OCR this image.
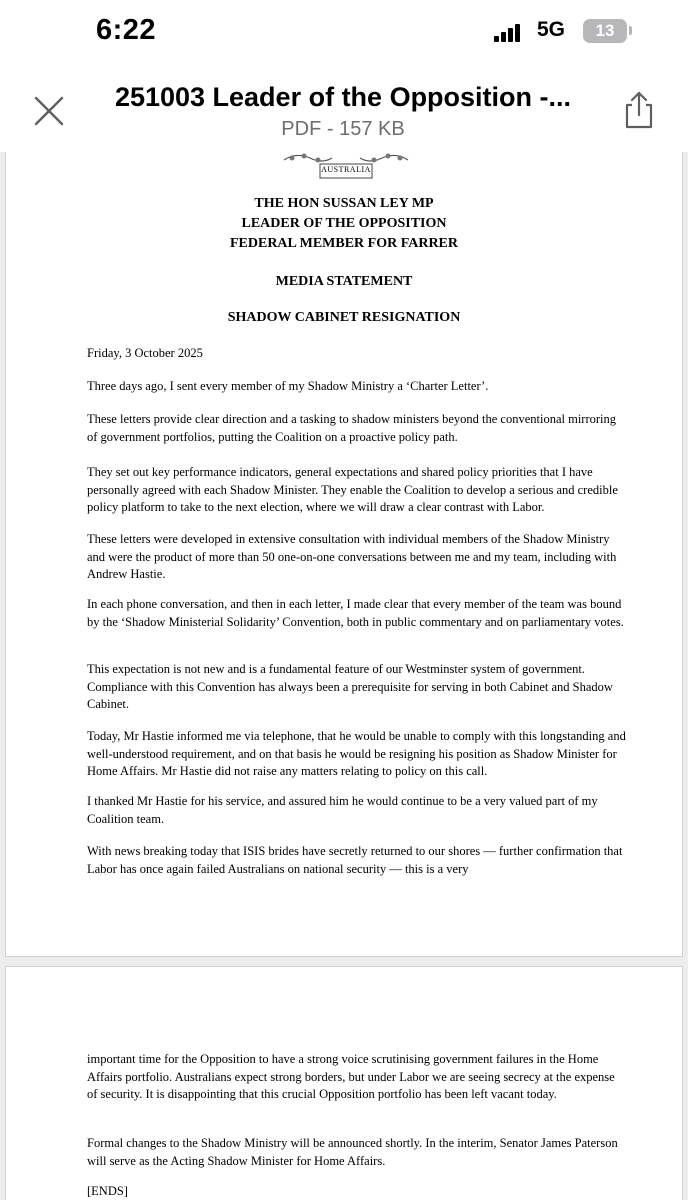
6:22	5G	13
251003 Leader of the Opposition -...
PDF - 157 KB
AUSTRALIA
THE HON SUSSAN LEY MP
LEADER OF THE OPPOSITION
FEDERAL MEMBER FOR FARRER
MEDIA STATEMENT
SHADOW CABINET RESIGNATION

Friday, 3 October 2025

Three days ago, I sent every member of my Shadow Ministry a ‘Charter Letter’.

These letters provide clear direction and a tasking to shadow ministers beyond the conventional mirroring of government portfolios, putting the Coalition on a proactive policy path.

They set out key performance indicators, general expectations and shared policy priorities that I have personally agreed with each Shadow Minister. They enable the Coalition to develop a serious and credible policy platform to take to the next election, where we will draw a clear contrast with Labor.

These letters were developed in extensive consultation with individual members of the Shadow Ministry and were the product of more than 50 one-on-one conversations between me and my team, including with Andrew Hastie.

In each phone conversation, and then in each letter, I made clear that every member of the team was bound by the ‘Shadow Ministerial Solidarity’ Convention, both in public commentary and on parliamentary votes.

This expectation is not new and is a fundamental feature of our Westminster system of government. Compliance with this Convention has always been a prerequisite for serving in both Cabinet and Shadow Cabinet.

Today, Mr Hastie informed me via telephone, that he would be unable to comply with this longstanding and well-understood requirement, and on that basis he would be resigning his position as Shadow Minister for Home Affairs. Mr Hastie did not raise any matters relating to policy on this call.

I thanked Mr Hastie for his service, and assured him he would continue to be a very valued part of my Coalition team.

With news breaking today that ISIS brides have secretly returned to our shores — further confirmation that Labor has once again failed Australians on national security — this is a very

important time for the Opposition to have a strong voice scrutinising government failures in the Home Affairs portfolio. Australians expect strong borders, but under Labor we are seeing secrecy at the expense of security. It is disappointing that this crucial Opposition portfolio has been left vacant today.

Formal changes to the Shadow Ministry will be announced shortly. In the interim, Senator James Paterson will serve as the Acting Shadow Minister for Home Affairs.

[ENDS]
